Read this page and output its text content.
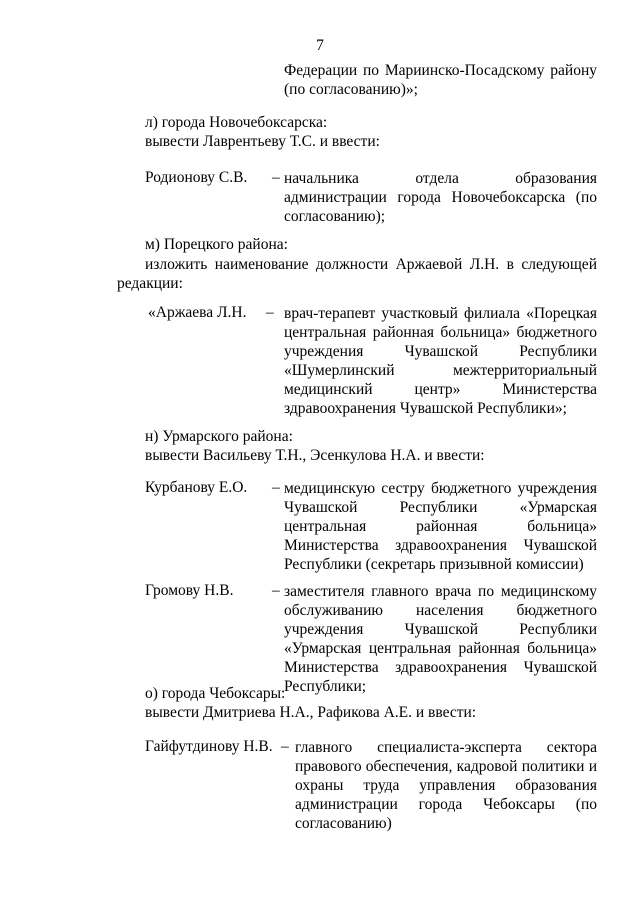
7
Федерации по Мариинско-Посадскому району (по согласованию)»;
л) города Новочебоксарска:
вывести Лаврентьеву Т.С. и ввести:
Родионову С.В. – начальника отдела образования администрации города Новочебоксарска (по согласованию);
м) Порецкого района:
изложить наименование должности Аржаевой Л.Н. в следующей редакции:
«Аржаева Л.Н. – врач-терапевт участковый филиала «Порецкая центральная районная больница» бюджетного учреждения Чувашской Республики «Шумерлинский межтерриториальный медицинский центр» Министерства здравоохранения Чувашской Республики»;
н) Урмарского района:
вывести Васильеву Т.Н., Эсенкулова Н.А. и ввести:
Курбанову Е.О. – медицинскую сестру бюджетного учреждения Чувашской Республики «Урмарская центральная районная больница» Министерства здравоохранения Чувашской Республики (секретарь призывной комиссии)
Громову Н.В. – заместителя главного врача по медицинскому обслуживанию населения бюджетного учреждения Чувашской Республики «Урмарская центральная районная больница» Министерства здравоохранения Чувашской Республики;
о) города Чебоксары:
вывести Дмитриева Н.А., Рафикова А.Е. и ввести:
Гайфутдинову Н.В. – главного специалиста-эксперта сектора правового обеспечения, кадровой политики и охраны труда управления образования администрации города Чебоксары (по согласованию)
